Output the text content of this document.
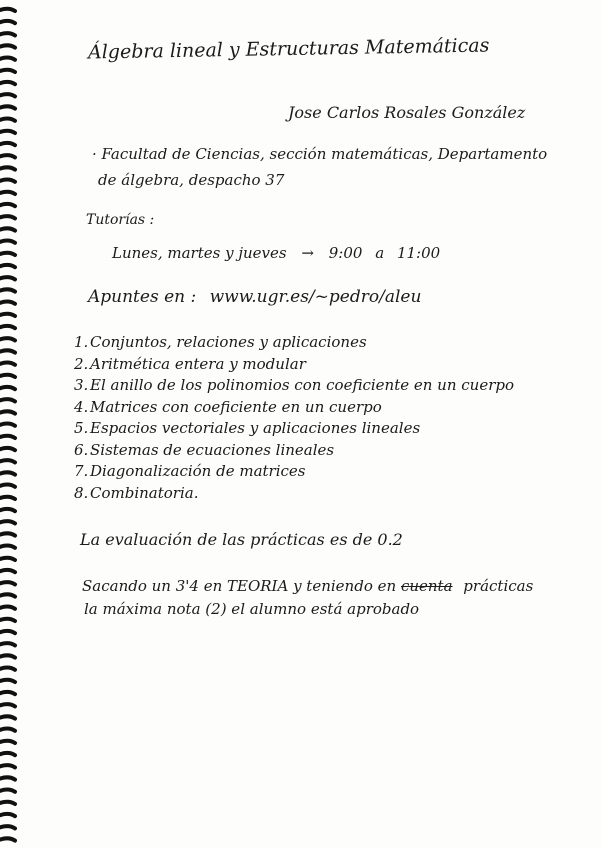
Álgebra lineal y Estructuras Matemáticas
Jose Carlos Rosales González
· Facultad de Ciencias, sección matemáticas, Departamento
de álgebra, despacho 37
Tutorías :
Lunes, martes y jueves → 9:00 a 11:00
Apuntes en : www.ugr.es/~pedro/aleu
1. Conjuntos, relaciones y aplicaciones
2. Aritmética entera y modular
3. El anillo de los polinomios con coeficiente en un cuerpo
4. Matrices con coeficiente en un cuerpo
5. Espacios vectoriales y aplicaciones lineales
6. Sistemas de ecuaciones lineales
7. Diagonalización de matrices
8. Combinatoria.
La evaluación de las prácticas es de 0.2
Sacando un 3'4 en TEORIA y teniendo en cuenta prácticas
la máxima nota (2) el alumno está aprobado
